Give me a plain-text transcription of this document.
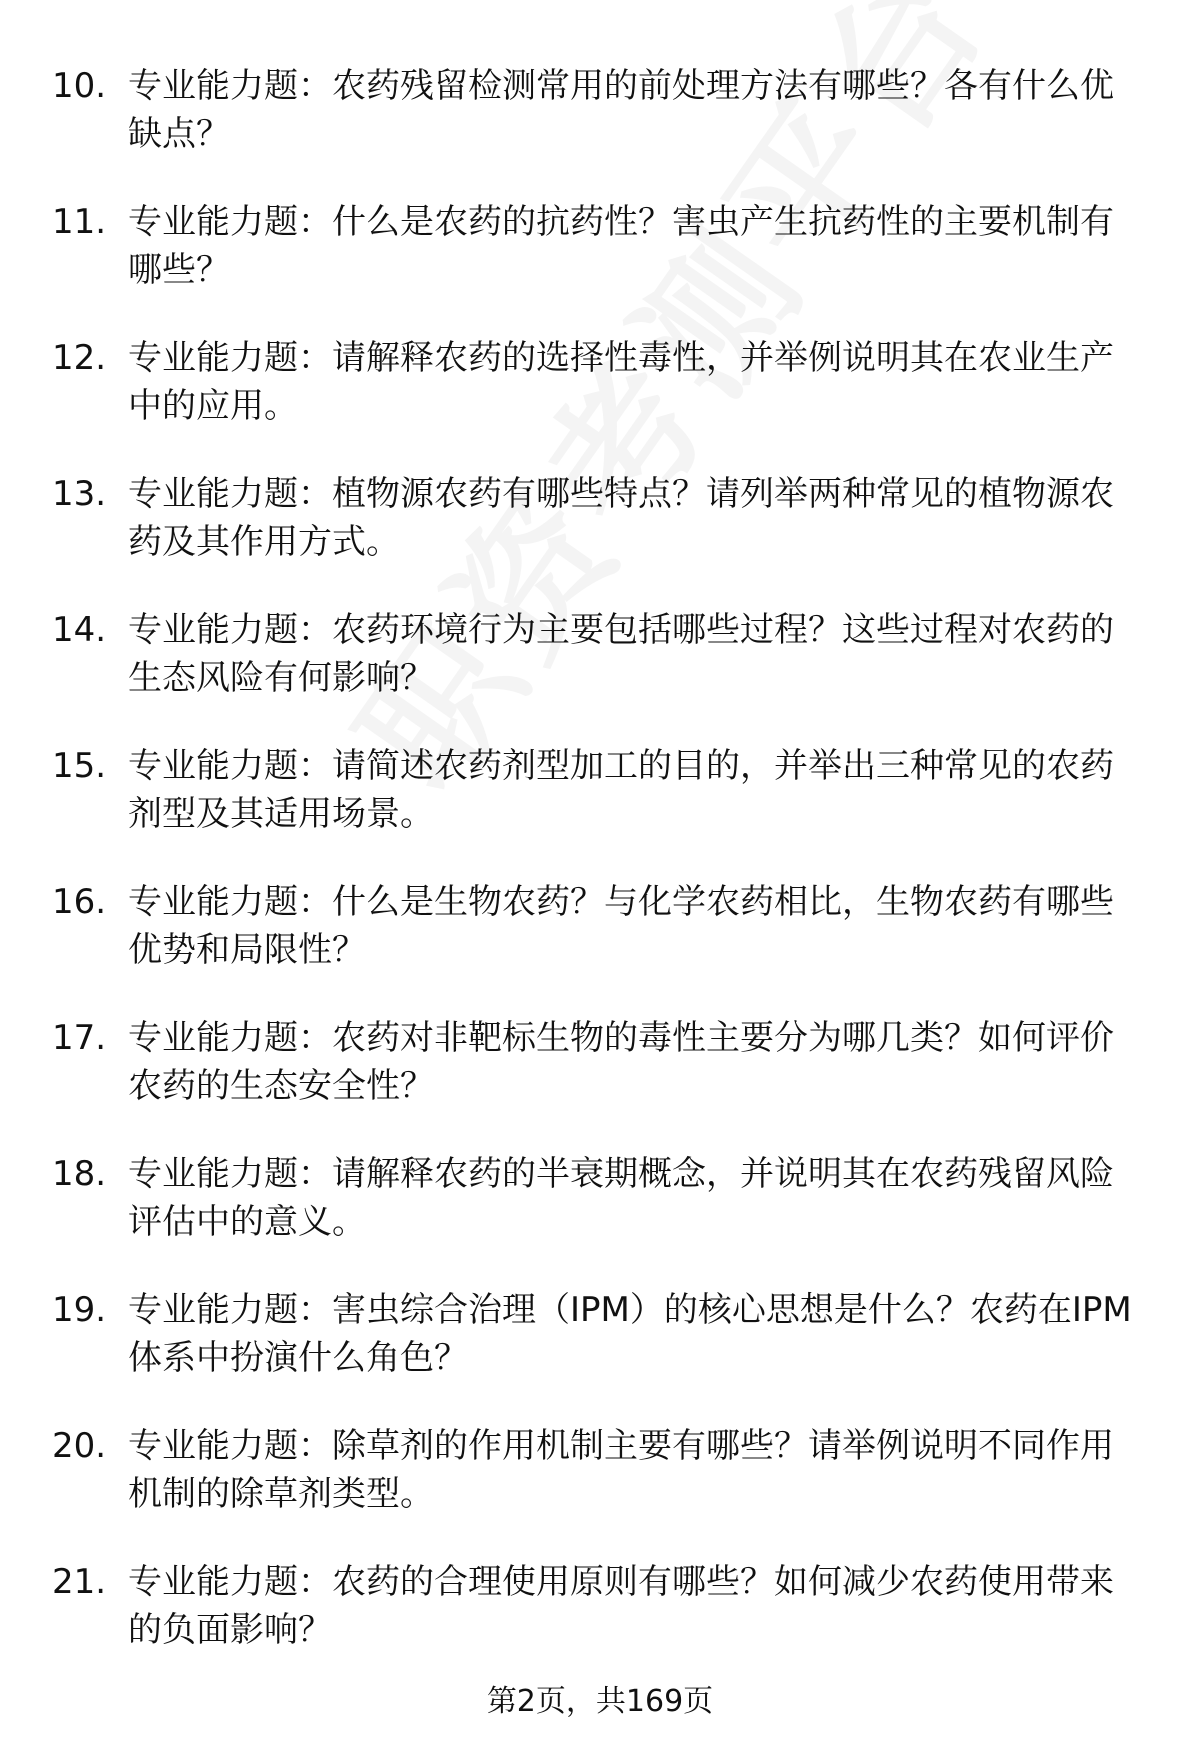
10. 专业能力题：农药残留检测常用的前处理方法有哪些？各有什么优缺点？
11. 专业能力题：什么是农药的抗药性？害虫产生抗药性的主要机制有哪些？
12. 专业能力题：请解释农药的选择性毒性，并举例说明其在农业生产中的应用。
13. 专业能力题：植物源农药有哪些特点？请列举两种常见的植物源农药及其作用方式。
14. 专业能力题：农药环境行为主要包括哪些过程？这些过程对农药的生态风险有何影响？
15. 专业能力题：请简述农药剂型加工的目的，并举出三种常见的农药剂型及其适用场景。
16. 专业能力题：什么是生物农药？与化学农药相比，生物农药有哪些优势和局限性？
17. 专业能力题：农药对非靶标生物的毒性主要分为哪几类？如何评价农药的生态安全性？
18. 专业能力题：请解释农药的半衰期概念，并说明其在农药残留风险评估中的意义。
19. 专业能力题：害虫综合治理（IPM）的核心思想是什么？农药在IPM体系中扮演什么角色？
20. 专业能力题：除草剂的作用机制主要有哪些？请举例说明不同作用机制的除草剂类型。
21. 专业能力题：农药的合理使用原则有哪些？如何减少农药使用带来的负面影响？
第2页，共169页
